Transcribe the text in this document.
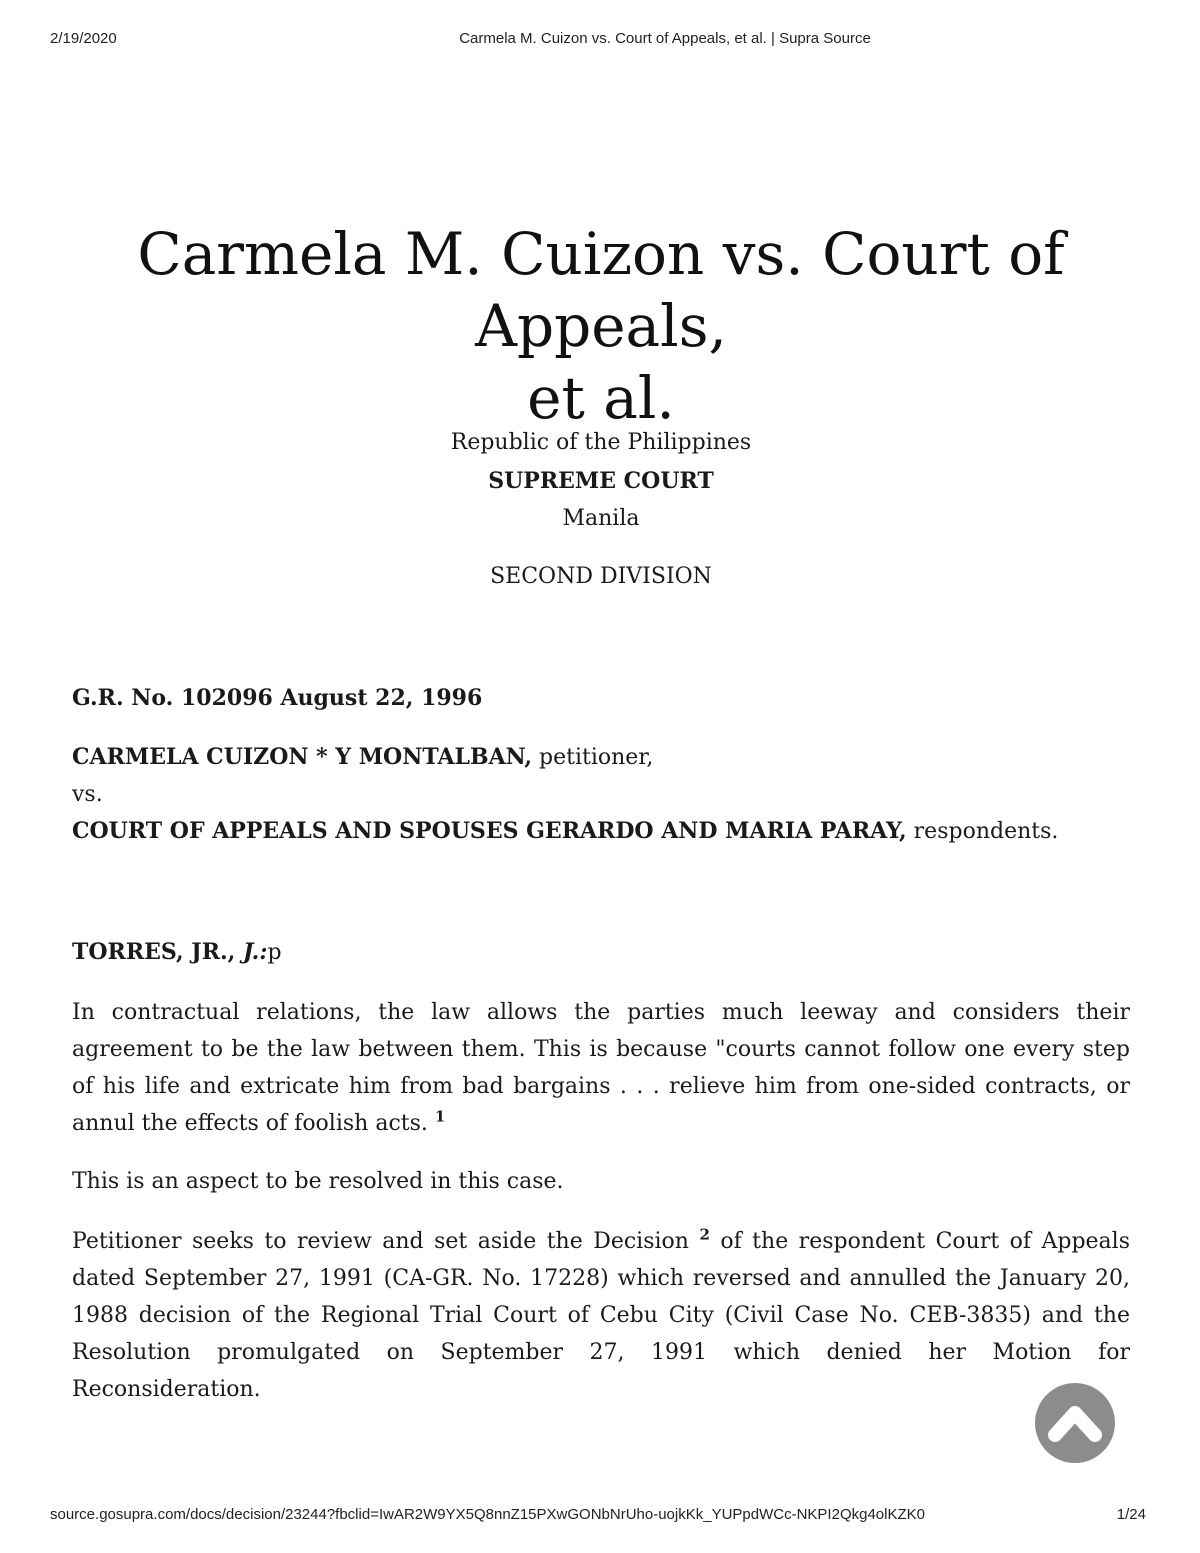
2/19/2020	Carmela M. Cuizon vs. Court of Appeals, et al. | Supra Source
Carmela M. Cuizon vs. Court of Appeals,
et al.
Republic of the Philippines
SUPREME COURT
Manila
SECOND DIVISION
G.R. No. 102096 August 22, 1996
CARMELA CUIZON * Y MONTALBAN, petitioner,
vs.
COURT OF APPEALS AND SPOUSES GERARDO AND MARIA PARAY, respondents.
TORRES, JR., J.:p

In contractual relations, the law allows the parties much leeway and considers their agreement to be the law between them. This is because "courts cannot follow one every step of his life and extricate him from bad bargains . . . relieve him from one-sided contracts, or annul the effects of foolish acts. $^1$

This is an aspect to be resolved in this case.

Petitioner seeks to review and set aside the Decision $^2$ of the respondent Court of Appeals dated September 27, 1991 (CA-GR. No. 17228) which reversed and annulled the January 20, 1988 decision of the Regional Trial Court of Cebu City (Civil Case No. CEB-3835) and the Resolution promulgated on September 27, 1991 which denied her Motion for Reconsideration.

source.gosupra.com/docs/decision/23244?fbclid=IwAR2W9YX5Q8nnZ15PXwGONbNrUho-uojkKk_YUPpdWCc-NKPI2Qkg4olKZK0	1/24
